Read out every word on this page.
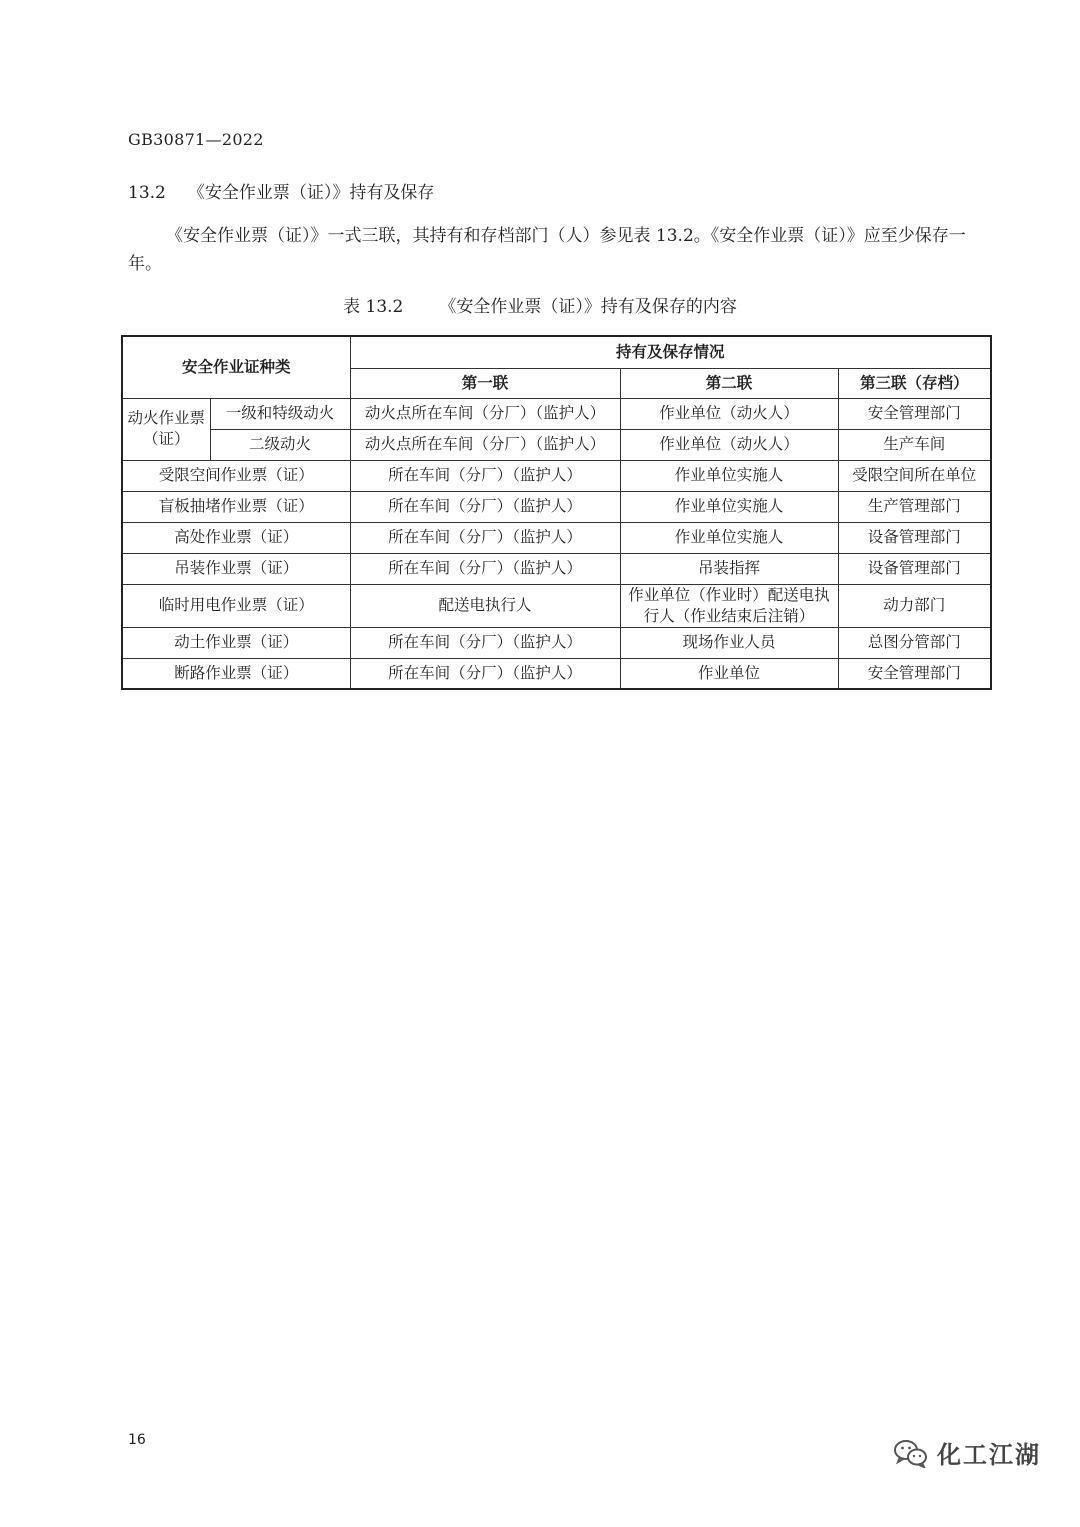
GB30871—2022
13.2 《安全作业票（证）》持有及保存
《安全作业票（证）》一式三联，其持有和存档部门（人）参见表 13.2。《安全作业票（证）》应至少保存一年。
表 13.2 《安全作业票（证）》持有及保存的内容
安全作业证种类		持有及保存情况		
		第一联	第二联	第三联（存档）
动火作业票（证）	一级和特级动火	动火点所在车间（分厂）（监护人）	作业单位（动火人）	安全管理部门
	二级动火	动火点所在车间（分厂）（监护人）	作业单位（动火人）	生产车间
受限空间作业票（证）		所在车间（分厂）（监护人）	作业单位实施人	受限空间所在单位
盲板抽堵作业票（证）		所在车间（分厂）（监护人）	作业单位实施人	生产管理部门
高处作业票（证）		所在车间（分厂）（监护人）	作业单位实施人	设备管理部门
吊装作业票（证）		所在车间（分厂）（监护人）	吊装指挥	设备管理部门
临时用电作业票（证）		配送电执行人	作业单位（作业时）配送电执行人（作业结束后注销）	动力部门
动土作业票（证）		所在车间（分厂）（监护人）	现场作业人员	总图分管部门
断路作业票（证）		所在车间（分厂）（监护人）	作业单位	安全管理部门
16
化工江湖
